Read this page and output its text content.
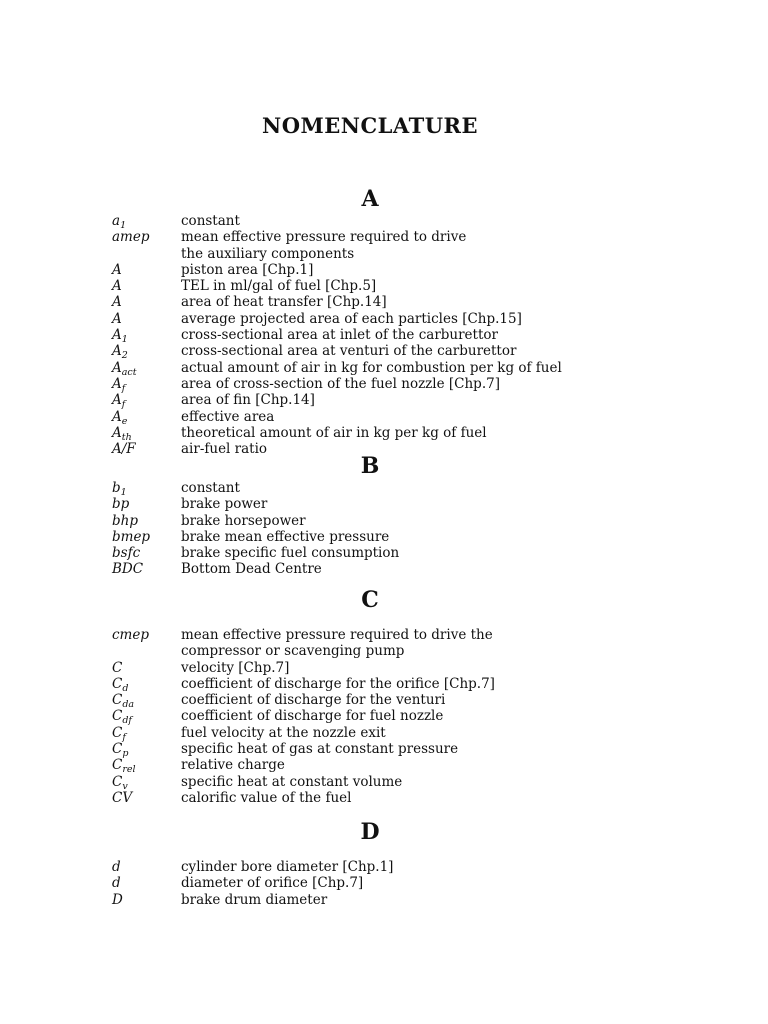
NOMENCLATURE
A
$a_1$	constant
amep	mean effective pressure required to drive
the auxiliary components
A	piston area [Chp.1]
A	TEL in ml/gal of fuel [Chp.5]
A	area of heat transfer [Chp.14]
A	average projected area of each particles [Chp.15]
$A_1$	cross-sectional area at inlet of the carburettor
$A_2$	cross-sectional area at venturi of the carburettor
$A_{act}$	actual amount of air in kg for combustion per kg of fuel
$A_f$	area of cross-section of the fuel nozzle [Chp.7]
$A_f$	area of fin [Chp.14]
$A_e$	effective area
$A_{th}$	theoretical amount of air in kg per kg of fuel
A/F	air-fuel ratio
B
$b_1$	constant
bp	brake power
bhp	brake horsepower
bmep	brake mean effective pressure
bsfc	brake specific fuel consumption
BDC	Bottom Dead Centre
C
cmep	mean effective pressure required to drive the
compressor or scavenging pump
C	velocity [Chp.7]
$C_d$	coefficient of discharge for the orifice [Chp.7]
$C_{da}$	coefficient of discharge for the venturi
$C_{df}$	coefficient of discharge for fuel nozzle
$C_f$	fuel velocity at the nozzle exit
$C_p$	specific heat of gas at constant pressure
$C_{rel}$	relative charge
$C_v$	specific heat at constant volume
CV	calorific value of the fuel
D
d	cylinder bore diameter [Chp.1]
d	diameter of orifice [Chp.7]
D	brake drum diameter
